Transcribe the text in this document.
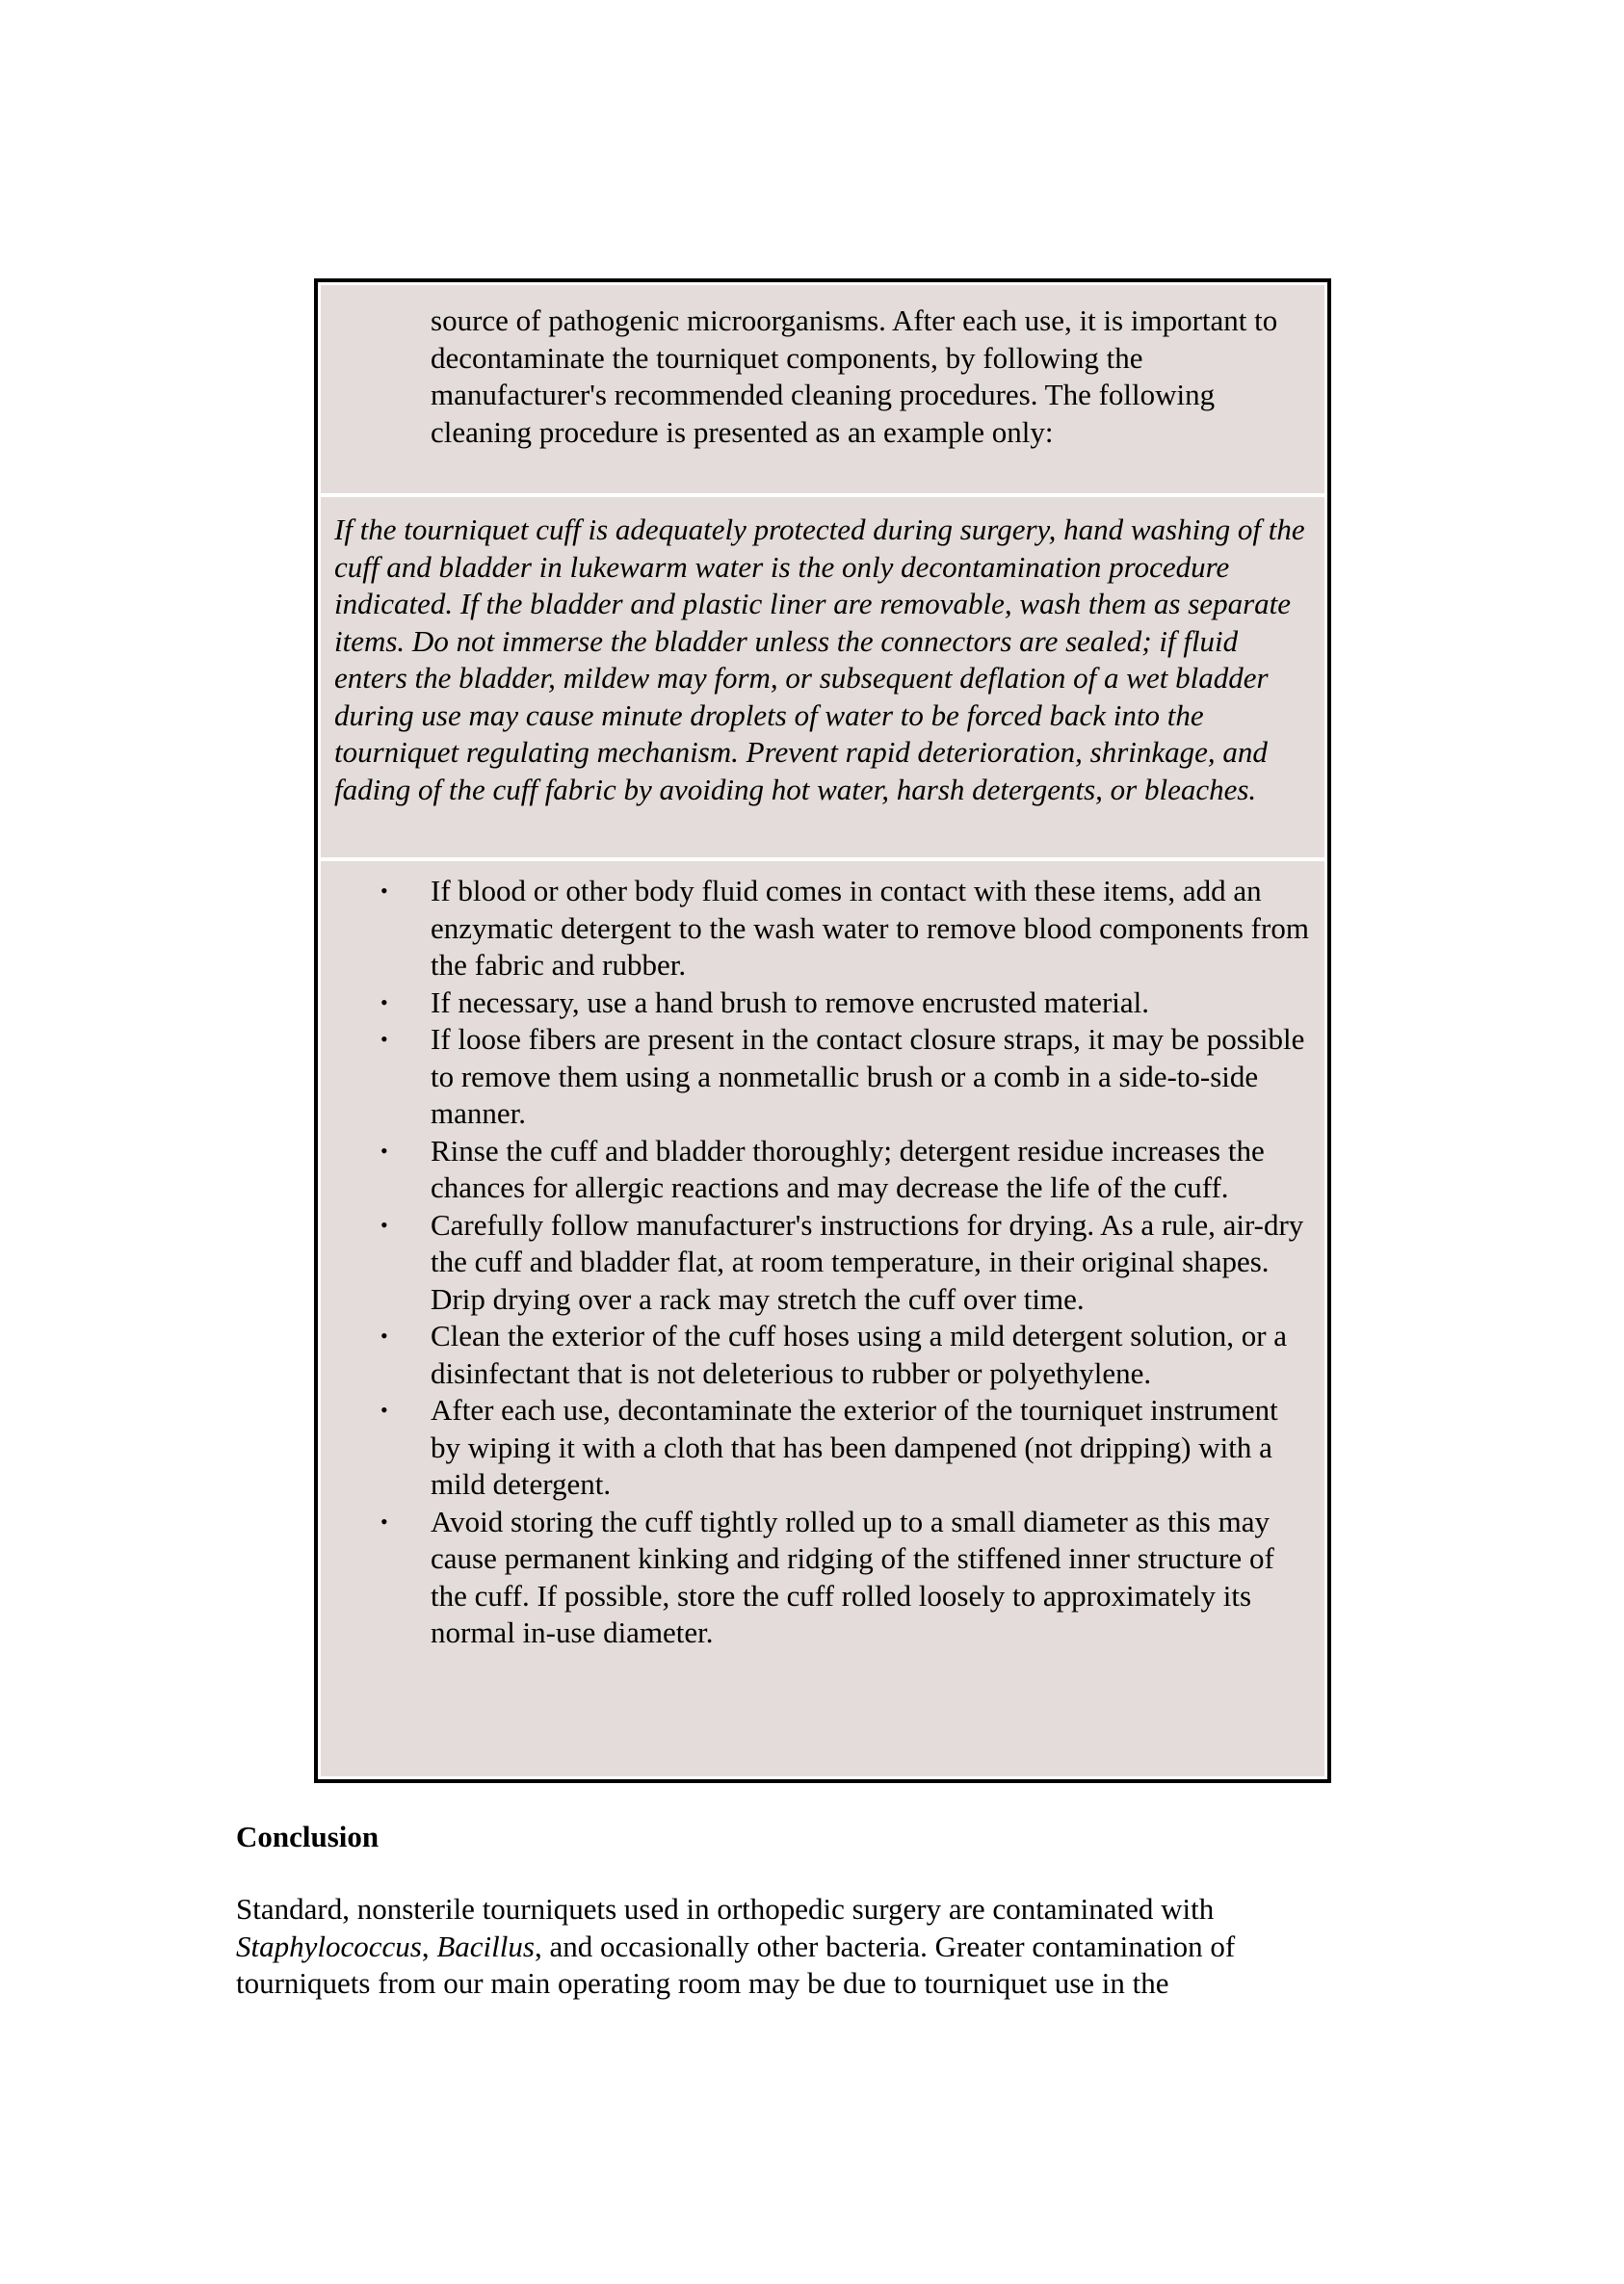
source of pathogenic microorganisms. After each use, it is important to decontaminate the tourniquet components, by following the manufacturer's recommended cleaning procedures. The following cleaning procedure is presented as an example only:

If the tourniquet cuff is adequately protected during surgery, hand washing of the cuff and bladder in lukewarm water is the only decontamination procedure indicated. If the bladder and plastic liner are removable, wash them as separate items. Do not immerse the bladder unless the connectors are sealed; if fluid enters the bladder, mildew may form, or subsequent deflation of a wet bladder during use may cause minute droplets of water to be forced back into the tourniquet regulating mechanism. Prevent rapid deterioration, shrinkage, and fading of the cuff fabric by avoiding hot water, harsh detergents, or bleaches.

• If blood or other body fluid comes in contact with these items, add an enzymatic detergent to the wash water to remove blood components from the fabric and rubber.
• If necessary, use a hand brush to remove encrusted material.
• If loose fibers are present in the contact closure straps, it may be possible to remove them using a nonmetallic brush or a comb in a side-to-side manner.
• Rinse the cuff and bladder thoroughly; detergent residue increases the chances for allergic reactions and may decrease the life of the cuff.
• Carefully follow manufacturer's instructions for drying. As a rule, air-dry the cuff and bladder flat, at room temperature, in their original shapes. Drip drying over a rack may stretch the cuff over time.
• Clean the exterior of the cuff hoses using a mild detergent solution, or a disinfectant that is not deleterious to rubber or polyethylene.
• After each use, decontaminate the exterior of the tourniquet instrument by wiping it with a cloth that has been dampened (not dripping) with a mild detergent.
• Avoid storing the cuff tightly rolled up to a small diameter as this may cause permanent kinking and ridging of the stiffened inner structure of the cuff. If possible, store the cuff rolled loosely to approximately its normal in-use diameter.
Conclusion

Standard, nonsterile tourniquets used in orthopedic surgery are contaminated with Staphylococcus, Bacillus, and occasionally other bacteria. Greater contamination of tourniquets from our main operating room may be due to tourniquet use in the
